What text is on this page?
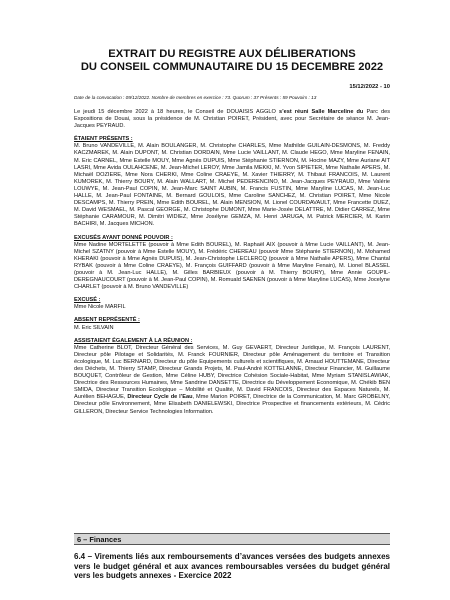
EXTRAIT DU REGISTRE AUX DÉLIBERATIONS

DU CONSEIL COMMUNAUTAIRE DU 15 DECEMBRE 2022

15/12/2022 - 10
Date de la convocation : 09/12/2022. Nombre de membres en exercice : 73. Quorum : 37 Présents : 59 Pouvoirs : 13

Le jeudi 15 décembre 2022 à 18 heures, le Conseil de DOUAISIS AGGLO s’est réuni Salle Marceline du Parc des Expositions de Douai, sous la présidence de M. Christian POIRET, Président, avec pour Secrétaire de séance M. Jean-Jacques PEYRAUD.

ÉTAIENT PRÉSENTS :

M. Bruno VANDEVILLE, M. Alain BOULANGER, M. Christophe CHARLES, Mme Mathilde GUILAIN-DESMONS, M. Freddy KACZMAREK, M. Alain DUPONT, M. Christian DORDAIN, Mme Lucie VAILLANT, M. Claude HEGO, Mme Maryline FENAIN, M. Eric CARNEL, Mme Estelle MOUY, Mme Agnès DUPUIS, Mme Stéphanie STIERNON, M. Hocine MAZY, Mme Auriane AIT LASRI, Mme Avida OULAHCENE, M. Jean-Michel LEROY, Mme Jamila MEKKI, M. Yvon SIPIETER, Mme Nathalie APERS, M. Michaël DOZIERE, Mme Nora CHERKI, Mme Coline CRAEYE, M. Xavier THIERRY, M. Thibaut FRANCOIS, M. Laurent KUMOREK, M. Thierry BOURY, M. Alain WALLART, M. Michel PEDERENCINO, M. Jean-Jacques PEYRAUD, Mme Valérie LOUWYE, M. Jean-Paul COPIN, M. Jean-Marc SAINT AUBIN, M. Francis FUSTIN, Mme Maryline LUCAS, M. Jean-Luc HALLE, M. Jean-Paul FONTAINE, M. Bernard GOULOIS, Mme Caroline SANCHEZ, M. Christian POIRET, Mme Nicole DESCAMPS, M. Thierry PREIN, Mme Edith BOUREL, M. Alain MENSION, M. Lionel COURDAVAULT, Mme Francette DUEZ, M. David WESMAEL, M. Pascal GEORGE, M. Christophe DUMONT, Mme Marie-Josée DELATTRE, M. Didier CARREZ, Mme Stéphanie CARAMOUR, M. Dimitri WIDIEZ, Mme Josélyne GEMZA, M. Henri JARUGA, M. Patrick MERCIER, M. Karim BACHIRI, M. Jacques MICHON.

EXCUSÉS AYANT DONNÉ POUVOIR :

Mme Nadine MORTELETTE (pouvoir à Mme Edith BOUREL), M. Raphaël AIX (pouvoir à Mme Lucie VAILLANT), M. Jean-Michel SZATNY (pouvoir à Mme Estelle MOUY), M. Frédéric CHEREAU (pouvoir Mme Stéphanie STIERNON), M. Mohamed KHERAKI (pouvoir à Mme Agnès DUPUIS), M. Jean-Christophe LECLERCQ (pouvoir à Mme Nathalie APERS), Mme Chantal RYBAK (pouvoir à Mme Coline CRAEYE), M. François GUIFFARD (pouvoir à Mme Maryline Fenain), M. Lionel BLASSEL (pouvoir à M. Jean-Luc HALLE), M. Gilles BARBIEUX (pouvoir à M. Thierry BOURY), Mme Annie GOUPIL-DEREGNAUCOURT (pouvoir à M. Jean-Paul COPIN), M. Romuald SAENEN (pouvoir à Mme Maryline LUCAS), Mme Jocelyne CHARLET (pouvoir à M. Bruno VANDEVILLE)

EXCUSÉ :

Mme Nicole MARFIL

ABSENT REPRÉSENTÉ :

M. Eric SILVAIN

ASSISTAIENT ÉGALEMENT À LA RÉUNION :

Mme Catherine BLOT, Directeur Général des Services, M. Guy GEVAERT, Directeur Juridique, M. François LAURENT, Directeur pôle Pilotage et Solidarités, M. Franck FOURNIER, Directeur pôle Aménagement du territoire et Transition écologique, M. Luc BERNARD, Directeur du pôle Equipements culturels et scientifiques, M. Arnaud HOUTTEMANE, Directeur des Déchets, M. Thierry STAMP, Directeur Grands Projets, M. Paul-André KOTTELANNE, Directeur Financier, M. Guillaume BOUQUET, Contrôleur de Gestion, Mme Céline HUBY, Directrice Cohésion Sociale-Habitat, Mme Myriam STANISLAWIAK, Directrice des Ressources Humaines, Mme Sandrine DANSETTE, Directrice du Développement Economique, M. Chékib BEN SMIDA, Directeur Transition Ecologique – Mobilité et Qualité, M. David FRANCOIS, Directeur des Espaces Naturels, M. Aurélien BEHAGUE, Directeur Cycle de l’Eau, Mme Marion POIRET, Directrice de la Communication, M. Marc GROBELNY, Directeur pôle Environnement, Mme Elisabeth DANIELEWSKI, Directrice Prospective et financements extérieurs, M. Cédric GILLERON, Directeur Service Technologies Information.

6 – Finances

6.4 – Virements liés aux remboursements d’avances versées des budgets annexes vers le budget général et aux avances remboursables versées du budget général vers les budgets annexes - Exercice 2022
